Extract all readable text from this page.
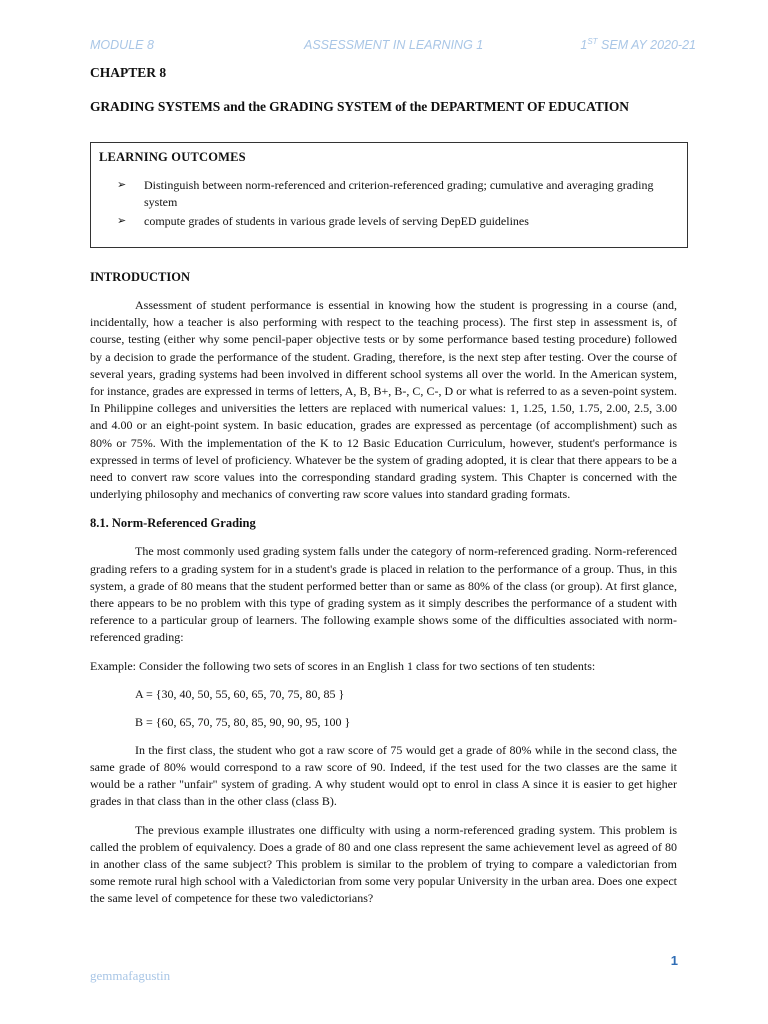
MODULE 8	ASSESSMENT IN LEARNING 1	1ST SEM AY 2020-21

CHAPTER 8

GRADING SYSTEMS and the GRADING SYSTEM of the DEPARTMENT OF EDUCATION

LEARNING OUTCOMES

➢ Distinguish between norm-referenced and criterion-referenced grading; cumulative and averaging grading system
➢ compute grades of students in various grade levels of serving DepED guidelines

INTRODUCTION

Assessment of student performance is essential in knowing how the student is progressing in a course (and, incidentally, how a teacher is also performing with respect to the teaching process). The first step in assessment is, of course, testing (either why some pencil-paper objective tests or by some performance based testing procedure) followed by a decision to grade the performance of the student. Grading, therefore, is the next step after testing. Over the course of several years, grading systems had been involved in different school systems all over the world. In the American system, for instance, grades are expressed in terms of letters, A, B, B+, B-, C, C-, D or what is referred to as a seven-point system. In Philippine colleges and universities the letters are replaced with numerical values: 1, 1.25, 1.50, 1.75, 2.00, 2.5, 3.00 and 4.00 or an eight-point system. In basic education, grades are expressed as percentage (of accomplishment) such as 80% or 75%. With the implementation of the K to 12 Basic Education Curriculum, however, student's performance is expressed in terms of level of proficiency. Whatever be the system of grading adopted, it is clear that there appears to be a need to convert raw score values into the corresponding standard grading system. This Chapter is concerned with the underlying philosophy and mechanics of converting raw score values into standard grading formats.

8.1. Norm-Referenced Grading

The most commonly used grading system falls under the category of norm-referenced grading. Norm-referenced grading refers to a grading system for in a student's grade is placed in relation to the performance of a group. Thus, in this system, a grade of 80 means that the student performed better than or same as 80% of the class (or group). At first glance, there appears to be no problem with this type of grading system as it simply describes the performance of a student with reference to a particular group of learners. The following example shows some of the difficulties associated with norm-referenced grading:

Example: Consider the following two sets of scores in an English 1 class for two sections of ten students:

A = {30, 40, 50, 55, 60, 65, 70, 75, 80, 85 }

B = {60, 65, 70, 75, 80, 85, 90, 90, 95, 100 }

In the first class, the student who got a raw score of 75 would get a grade of 80% while in the second class, the same grade of 80% would correspond to a raw score of 90. Indeed, if the test used for the two classes are the same it would be a rather "unfair" system of grading. A why student would opt to enrol in class A since it is easier to get higher grades in that class than in the other class (class B).

The previous example illustrates one difficulty with using a norm-referenced grading system. This problem is called the problem of equivalency. Does a grade of 80 and one class represent the same achievement level as agreed of 80 in another class of the same subject? This problem is similar to the problem of trying to compare a valedictorian from some remote rural high school with a Valedictorian from some very popular University in the urban area. Does one expect the same level of competence for these two valedictorians?

1
gemmafagustin
